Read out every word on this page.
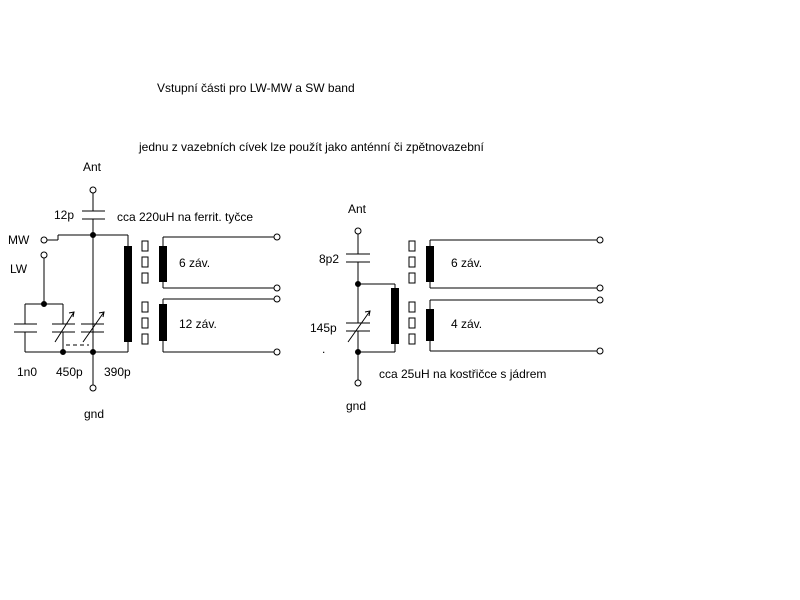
Vstupní části pro LW-MW a SW band
jednu z vazebních cívek lze použít jako anténní či zpětnovazební
Ant
12p	cca 220uH na ferrit. tyčce
MW
LW	6 záv.
12 záv.
1n0 450p 390p
gnd
Ant
8p2	6 záv.
4 záv.
145p
.
cca 25uH na kostřičce s jádrem
gnd
